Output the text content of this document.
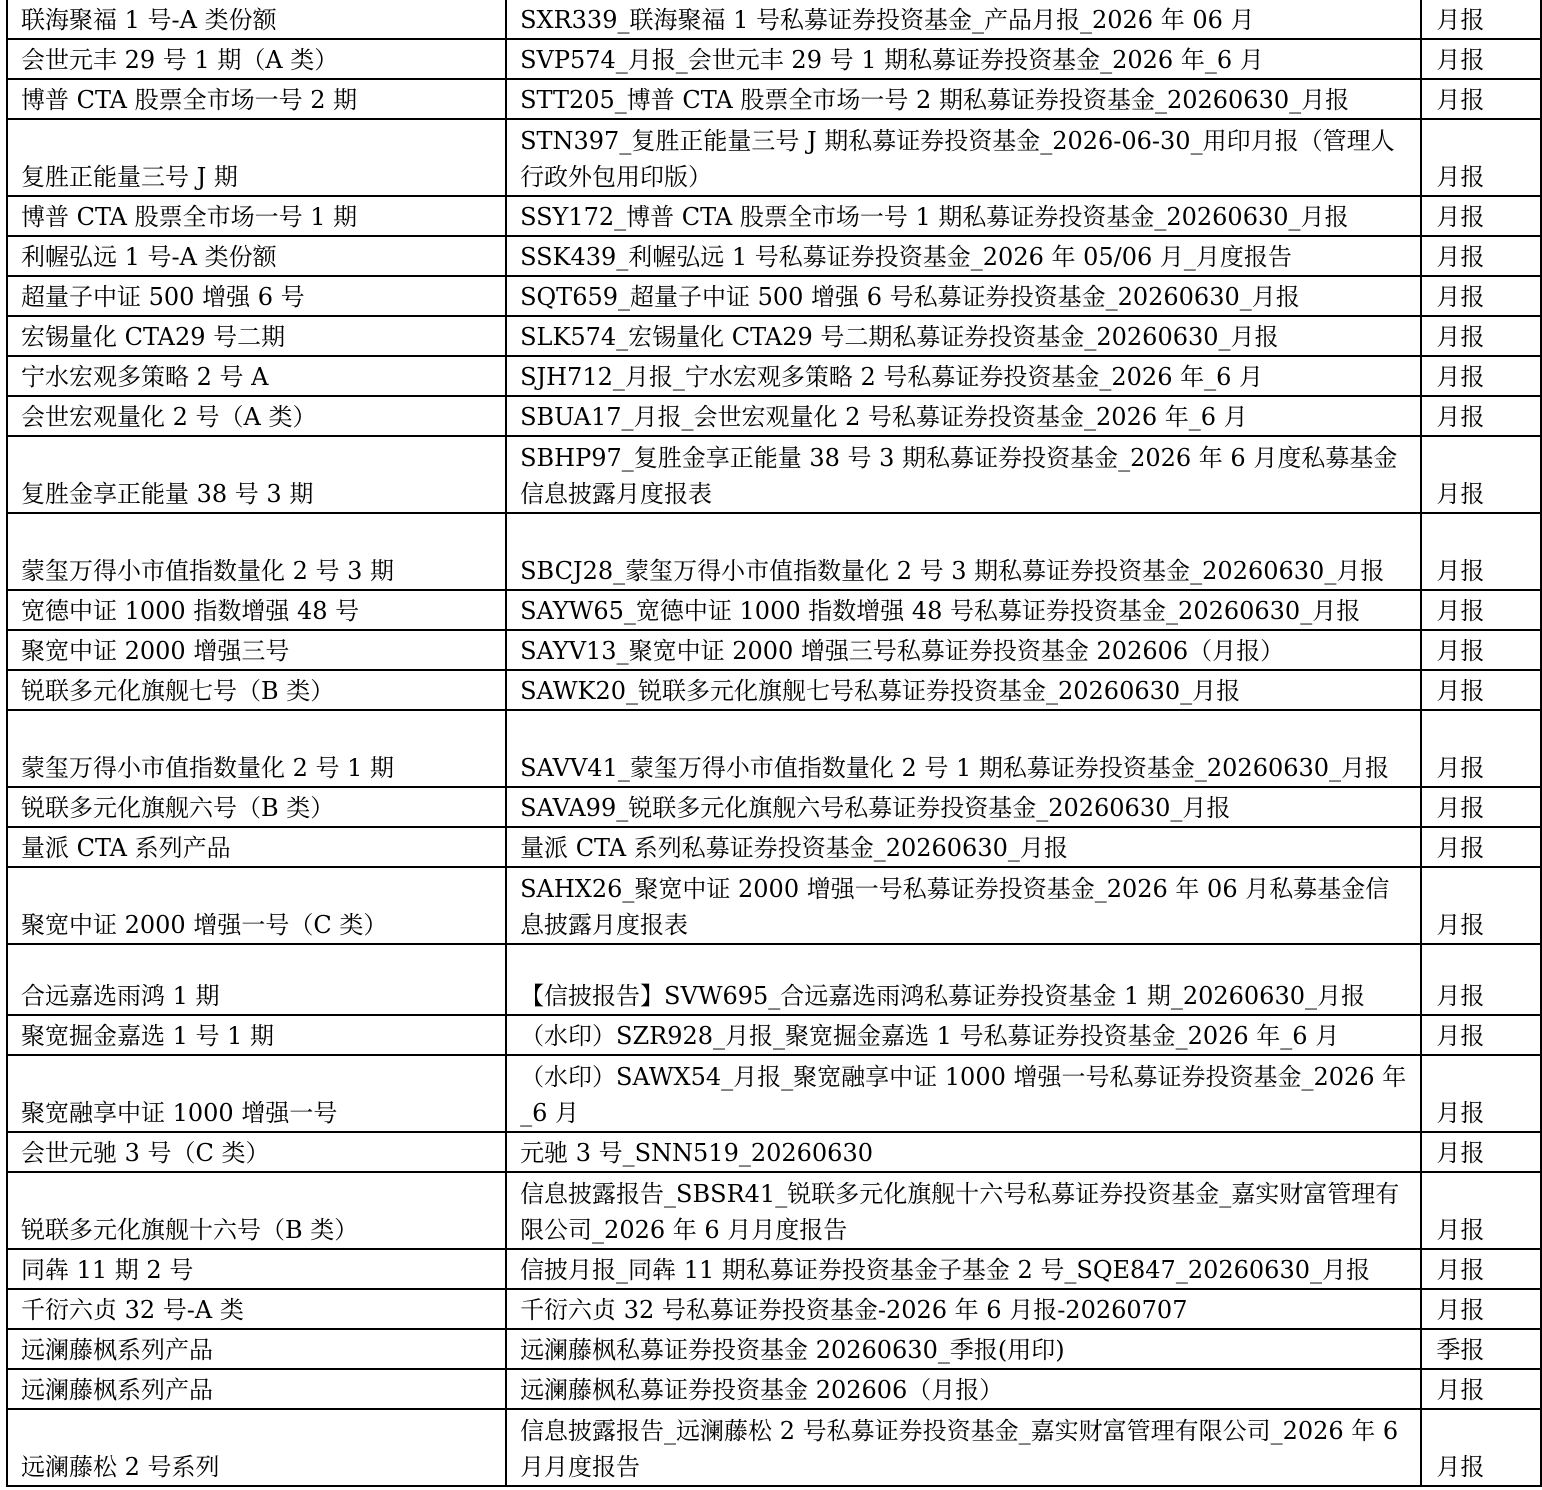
联海聚福 1 号-A 类份额	SXR339_联海聚福 1 号私募证券投资基金_产品月报_2026 年 06 月	月报
会世元丰 29 号 1 期（A 类）	SVP574_月报_会世元丰 29 号 1 期私募证券投资基金_2026 年_6 月	月报
博普 CTA 股票全市场一号 2 期	STT205_博普 CTA 股票全市场一号 2 期私募证券投资基金_20260630_月报	月报
复胜正能量三号 J 期	STN397_复胜正能量三号 J 期私募证券投资基金_2026-06-30_用印月报（管理人 行政外包用印版）	月报
博普 CTA 股票全市场一号 1 期	SSY172_博普 CTA 股票全市场一号 1 期私募证券投资基金_20260630_月报	月报
利幄弘远 1 号-A 类份额	SSK439_利幄弘远 1 号私募证券投资基金_2026 年 05/06 月_月度报告	月报
超量子中证 500 增强 6 号	SQT659_超量子中证 500 增强 6 号私募证券投资基金_20260630_月报	月报
宏锡量化 CTA29 号二期	SLK574_宏锡量化 CTA29 号二期私募证券投资基金_20260630_月报	月报
宁水宏观多策略 2 号 A	SJH712_月报_宁水宏观多策略 2 号私募证券投资基金_2026 年_6 月	月报
会世宏观量化 2 号（A 类）	SBUA17_月报_会世宏观量化 2 号私募证券投资基金_2026 年_6 月	月报
复胜金享正能量 38 号 3 期	SBHP97_复胜金享正能量 38 号 3 期私募证券投资基金_2026 年 6 月度私募基金信息披露月度报表	月报
蒙玺万得小市值指数量化 2 号 3 期	SBCJ28_蒙玺万得小市值指数量化 2 号 3 期私募证券投资基金_20260630_月报	月报
宽德中证 1000 指数增强 48 号	SAYW65_宽德中证 1000 指数增强 48 号私募证券投资基金_20260630_月报	月报
聚宽中证 2000 增强三号	SAYV13_聚宽中证 2000 增强三号私募证券投资基金 202606（月报）	月报
锐联多元化旗舰七号（B 类）	SAWK20_锐联多元化旗舰七号私募证券投资基金_20260630_月报	月报
蒙玺万得小市值指数量化 2 号 1 期	SAVV41_蒙玺万得小市值指数量化 2 号 1 期私募证券投资基金_20260630_月报	月报
锐联多元化旗舰六号（B 类）	SAVA99_锐联多元化旗舰六号私募证券投资基金_20260630_月报	月报
量派 CTA 系列产品	量派 CTA 系列私募证券投资基金_20260630_月报	月报
聚宽中证 2000 增强一号（C 类）	SAHX26_聚宽中证 2000 增强一号私募证券投资基金_2026 年 06 月私募基金信息披露月度报表	月报
合远嘉选雨鸿 1 期	【信披报告】SVW695_合远嘉选雨鸿私募证券投资基金 1 期_20260630_月报	月报
聚宽掘金嘉选 1 号 1 期	（水印）SZR928_月报_聚宽掘金嘉选 1 号私募证券投资基金_2026 年_6 月	月报
聚宽融享中证 1000 增强一号	（水印）SAWX54_月报_聚宽融享中证 1000 增强一号私募证券投资基金_2026 年_6 月	月报
会世元驰 3 号（C 类）	元驰 3 号_SNN519_20260630	月报
锐联多元化旗舰十六号（B 类）	信息披露报告_SBSR41_锐联多元化旗舰十六号私募证券投资基金_嘉实财富管理有限公司_2026 年 6 月月度报告	月报
同犇 11 期 2 号	信披月报_同犇 11 期私募证券投资基金子基金 2 号_SQE847_20260630_月报	月报
千衍六贞 32 号-A 类	千衍六贞 32 号私募证券投资基金-2026 年 6 月报-20260707	月报
远澜藤枫系列产品	远澜藤枫私募证券投资基金 20260630_季报(用印)	季报
远澜藤枫系列产品	远澜藤枫私募证券投资基金 202606（月报）	月报
远澜藤松 2 号系列	信息披露报告_远澜藤松 2 号私募证券投资基金_嘉实财富管理有限公司_2026 年 6 月月度报告	月报
